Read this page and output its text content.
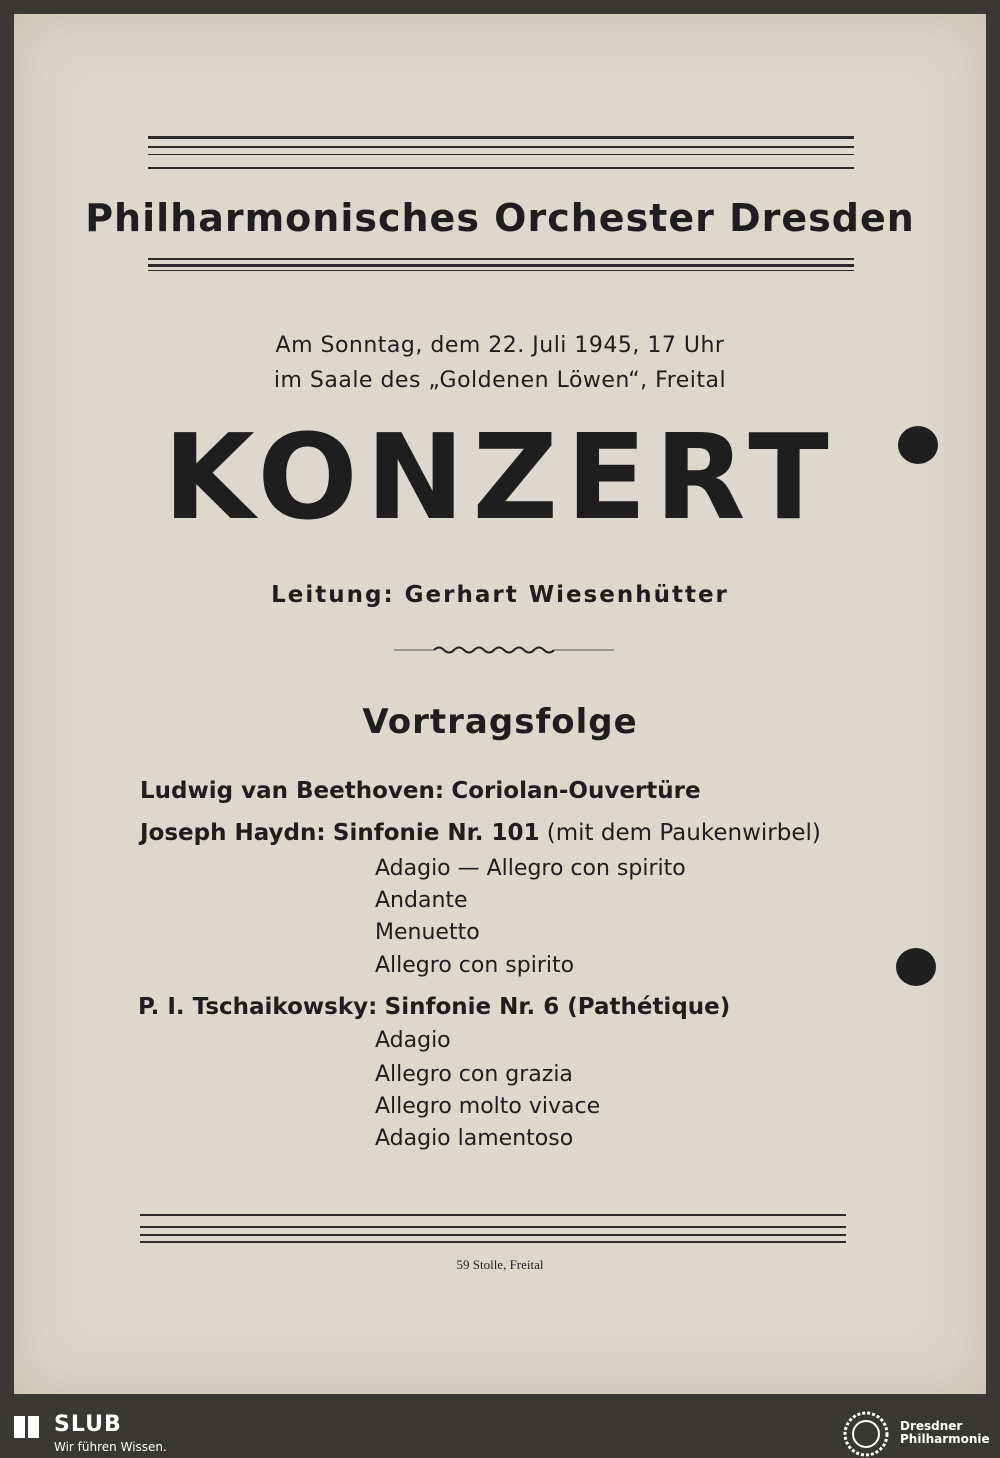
Philharmonisches Orchester Dresden
Am Sonntag, dem 22. Juli 1945, 17 Uhr
im Saale des „Goldenen Löwen“, Freital
KONZERT
Leitung: Gerhart Wiesenhütter
Vortragsfolge
Ludwig van Beethoven: Coriolan-Ouvertüre
Joseph Haydn: Sinfonie Nr. 101 (mit dem Paukenwirbel)
Adagio — Allegro con spirito
Andante
Menuetto
Allegro con spirito
P. I. Tschaikowsky: Sinfonie Nr. 6 (Pathétique)
Adagio
Allegro con grazia
Allegro molto vivace
Adagio lamentoso
59 Stolle, Freital
SLUB
Wir führen Wissen.
Dresdner
Philharmonie
